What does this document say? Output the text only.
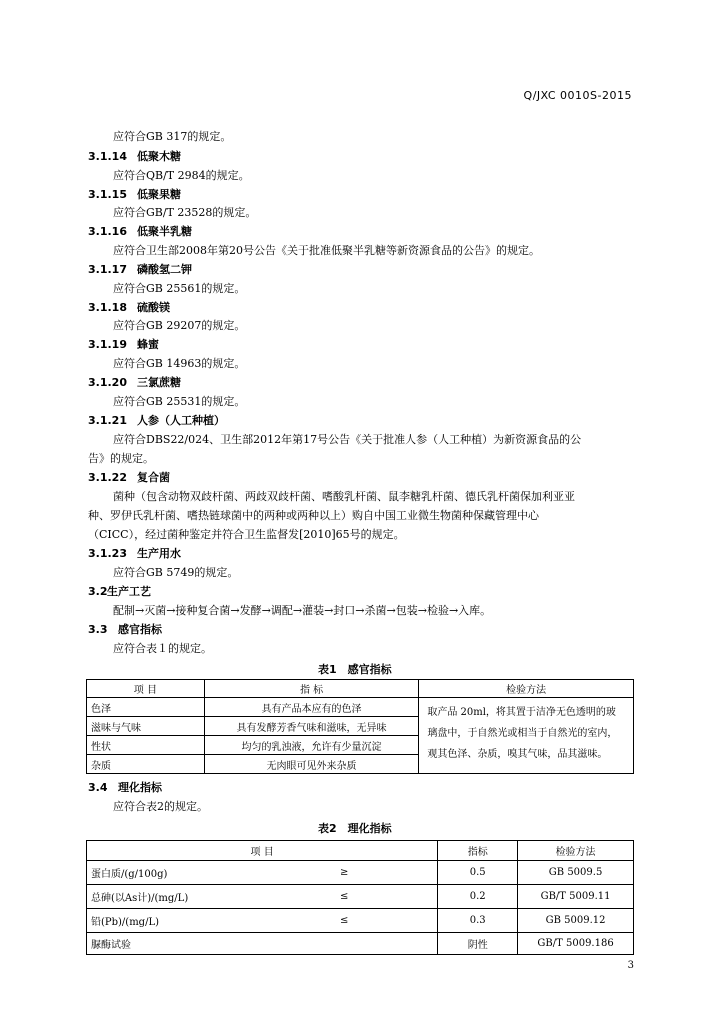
Q/JXC 0010S-2015
应符合GB 317的规定。
3.1.14 低聚木糖
应符合QB/T 2984的规定。
3.1.15 低聚果糖
应符合GB/T 23528的规定。
3.1.16 低聚半乳糖
应符合卫生部2008年第20号公告《关于批准低聚半乳糖等新资源食品的公告》的规定。
3.1.17 磷酸氢二钾
应符合GB 25561的规定。
3.1.18 硫酸镁
应符合GB 29207的规定。
3.1.19 蜂蜜
应符合GB 14963的规定。
3.1.20 三氯蔗糖
应符合GB 25531的规定。
3.1.21 人参（人工种植）
应符合DBS22/024、卫生部2012年第17号公告《关于批准人参（人工种植）为新资源食品的公
告》的规定。
3.1.22 复合菌
菌种（包含动物双歧杆菌、两歧双歧杆菌、嗜酸乳杆菌、鼠李糖乳杆菌、德氏乳杆菌保加利亚亚
种、罗伊氏乳杆菌、嗜热链球菌中的两种或两种以上）购自中国工业微生物菌种保藏管理中心
（CICC），经过菌种鉴定并符合卫生监督发[2010]65号的规定。
3.1.23 生产用水
应符合GB 5749的规定。
3.2 生产工艺
配制→灭菌→接种复合菌→发酵→调配→灌装→封口→杀菌→包装→检验→入库。
3.3 感官指标
应符合表１的规定。
表1　感官指标
项 目	指 标	检验方法
色泽	具有产品本应有的色泽	取产品 20ml，将其置于洁净无色透明的玻璃盘中，于自然光或相当于自然光的室内，观其色泽、杂质，嗅其气味，品其滋味。
滋味与气味	具有发酵芳香气味和滋味，无异味	
性状	均匀的乳浊液，允许有少量沉淀	
杂质	无肉眼可见外来杂质	
3.4 理化指标
应符合表2的规定。
表2　理化指标
项 目		指标	检验方法
蛋白质/(g/100g)	≥	0.5	GB 5009.5
总砷(以As计)/(mg/L)	≤	0.2	GB/T 5009.11
铅(Pb)/(mg/L)	≤	0.3	GB 5009.12
脲酶试验		阴性	GB/T 5009.186
3
